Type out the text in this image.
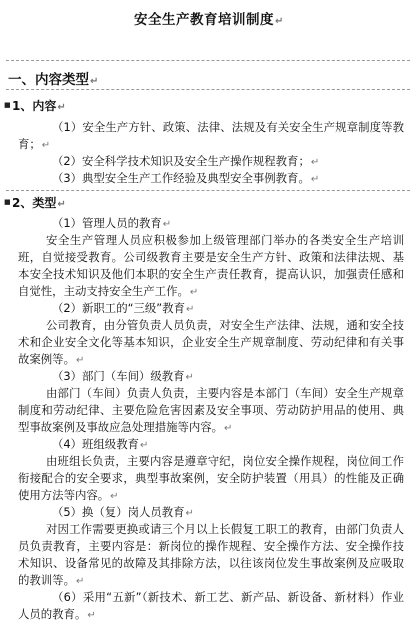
安全生产教育培训制度↵
一、内容类型↵
■ 1、内容↵
（1）安全生产方针、政策、法律、法规及有关安全生产规章制度等教育；↵
（2）安全科学技术知识及安全生产操作规程教育；↵
（3）典型安全生产工作经验及典型安全事例教育。↵
■ 2、类型↵
（1）管理人员的教育↵
安全生产管理人员应积极参加上级管理部门举办的各类安全生产培训班，自觉接受教育。公司级教育主要是安全生产方针、政策和法律法规、基本安全技术知识及他们本职的安全生产责任教育，提高认识，加强责任感和自觉性，主动支持安全生产工作。↵
（2）新职工的“三级”教育↵
公司教育，由分管负责人员负责，对安全生产法律、法规，通和安全技术和企业安全文化等基本知识，企业安全生产规章制度、劳动纪律和有关事故案例等。↵
（3）部门（车间）级教育↵
由部门（车间）负责人负责，主要内容是本部门（车间）安全生产规章制度和劳动纪律、主要危险危害因素及安全事项、劳动防护用品的使用、典型事故案例及事故应急处理措施等内容。↵
（4）班组级教育↵
由班组长负责，主要内容是遵章守纪，岗位安全操作规程，岗位间工作衔接配合的安全要求，典型事故案例，安全防护装置（用具）的性能及正确使用方法等内容。↵
（5）换（复）岗人员教育↵
对因工作需要更换或请三个月以上长假复工职工的教育，由部门负责人员负责教育，主要内容是：新岗位的操作规程、安全操作方法、安全操作技术知识、设备常见的故障及其排除方法，以往该岗位发生事故案例及应吸取的教训等。↵
（6）采用“五新”（新技术、新工艺、新产品、新设备、新材料）作业人员的教育。↵
